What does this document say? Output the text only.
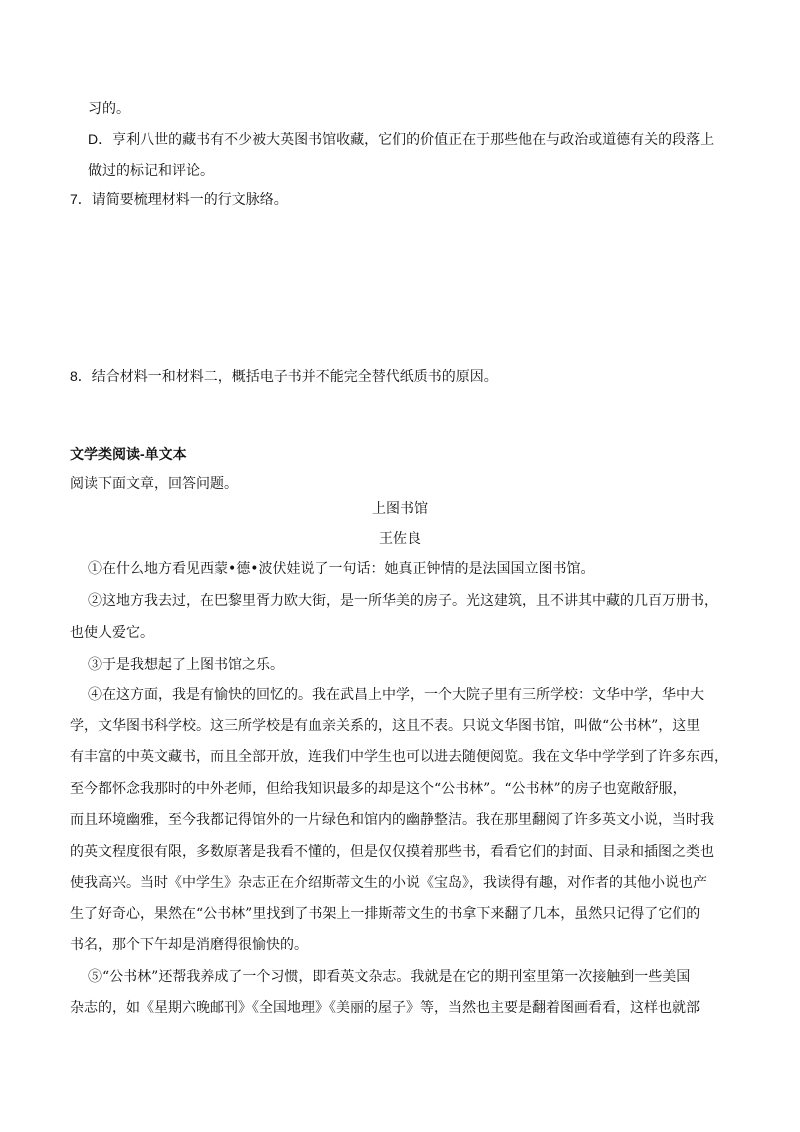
习的。
D．亨利八世的藏书有不少被大英图书馆收藏，它们的价值正在于那些他在与政治或道德有关的段落上
做过的标记和评论。
7．请简要梳理材料一的行文脉络。
8．结合材料一和材料二，概括电子书并不能完全替代纸质书的原因。
文学类阅读-单文本
阅读下面文章，回答问题。
上图书馆
王佐良
①在什么地方看见西蒙•德•波伏娃说了一句话：她真正钟情的是法国国立图书馆。
②这地方我去过，在巴黎里胥力欧大街，是一所华美的房子。光这建筑，且不讲其中藏的几百万册书，
也使人爱它。
③于是我想起了上图书馆之乐。
④在这方面，我是有愉快的回忆的。我在武昌上中学，一个大院子里有三所学校：文华中学，华中大
学，文华图书科学校。这三所学校是有血亲关系的，这且不表。只说文华图书馆，叫做“公书林”，这里
有丰富的中英文藏书，而且全部开放，连我们中学生也可以进去随便阅览。我在文华中学学到了许多东西，
至今都怀念我那时的中外老师，但给我知识最多的却是这个“公书林”。“公书林”的房子也宽敞舒服，
而且环境幽雅，至今我都记得馆外的一片绿色和馆内的幽静整洁。我在那里翻阅了许多英文小说，当时我
的英文程度很有限，多数原著是我看不懂的，但是仅仅摸着那些书，看看它们的封面、目录和插图之类也
使我高兴。当时《中学生》杂志正在介绍斯蒂文生的小说《宝岛》，我读得有趣，对作者的其他小说也产
生了好奇心，果然在“公书林”里找到了书架上一排斯蒂文生的书拿下来翻了几本，虽然只记得了它们的
书名，那个下午却是消磨得很愉快的。
⑤“公书林”还帮我养成了一个习惯，即看英文杂志。我就是在它的期刊室里第一次接触到一些美国
杂志的，如《星期六晚邮刊》《全国地理》《美丽的屋子》等，当然也主要是翻着图画看看，这样也就部
